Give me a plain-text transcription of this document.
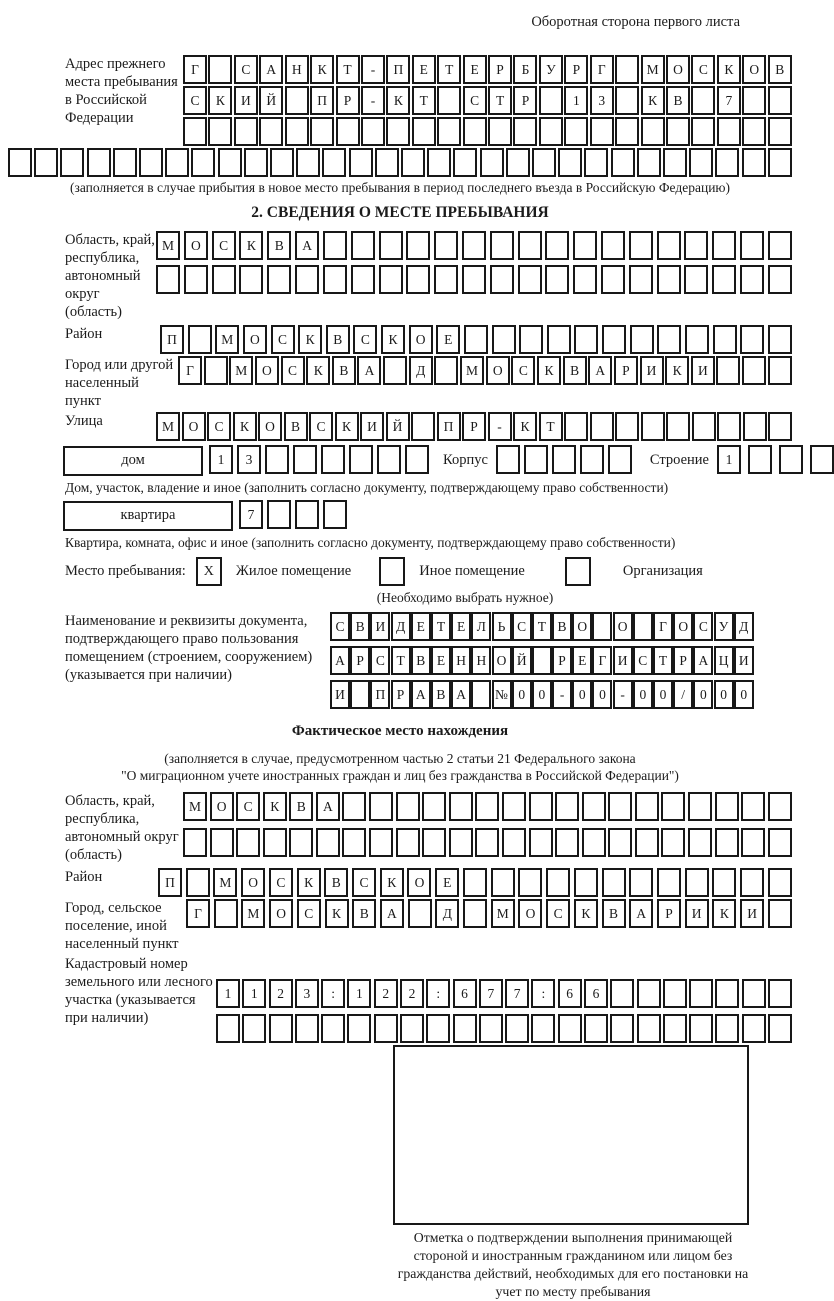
Оборотная сторона первого листа
Адрес прежнего места пребывания в Российской Федерации
Г	С	А	Н	К	Т	-	П	Е	Т	Е	Р	Б	У	Р	Г	М	О	С	К	О	В
С	К	И	Й	П	Р	-	К	Т	С	Т	Р	1	3	К	В	7
(заполняется в случае прибытия в новое место пребывания в период последнего въезда в Российскую Федерацию)
2. СВЕДЕНИЯ О МЕСТЕ ПРЕБЫВАНИЯ
Область, край, республика, автономный округ (область)
М	О	С	К	В	А
Район	П	М	О	С	К	В	С	К	О	Е
Город или другой населенный пункт
Г	М	О	С	К	В	А	Д	М	О	С	К	В	А	Р	И	К	И
Улица	М	О	С	К	О	В	С	К	И	Й	П	Р	-	К	Т
дом	1	3	Корпус	Строение	1
Дом, участок, владение и иное (заполнить согласно документу, подтверждающему право собственности)
квартира	7
Квартира, комната, офис и иное (заполнить согласно документу, подтверждающему право собственности)
Место пребывания:	X	Жилое помещение	Иное помещение	Организация
(Необходимо выбрать нужное)
Наименование и реквизиты документа, подтверждающего право пользования помещением (строением, сооружением) (указывается при наличии)
С В И Д Е Т Е Л Ь С Т В О	О	Г О С У Д
А Р С Т В Е Н Н О Й	Р Е Г И С Т Р А Ц И
И	П Р А В А	№ 0 0	-	0 0	-	0 0	/	0 0 0
Фактическое место нахождения
(заполняется в случае, предусмотренном частью 2 статьи 21 Федерального закона
"О миграционном учете иностранных граждан и лиц без гражданства в Российской Федерации")
Область, край, республика, автономный округ (область)
М	О	С	К	В	А
Район	П	М	О	С	К	В	С	К	О	Е
Город, сельское поселение, иной населенный пункт
Г	М	О	С	К	В	А	Д	М	О	С	К	В	А	Р	И	К	И
Кадастровый номер земельного или лесного участка (указывается при наличии)
1	1	2	3	:	1	2	2	:	6	7	7	:	6	6
Отметка о подтверждении выполнения принимающей стороной и иностранным гражданином или лицом без гражданства действий, необходимых для его постановки на учет по месту пребывания
